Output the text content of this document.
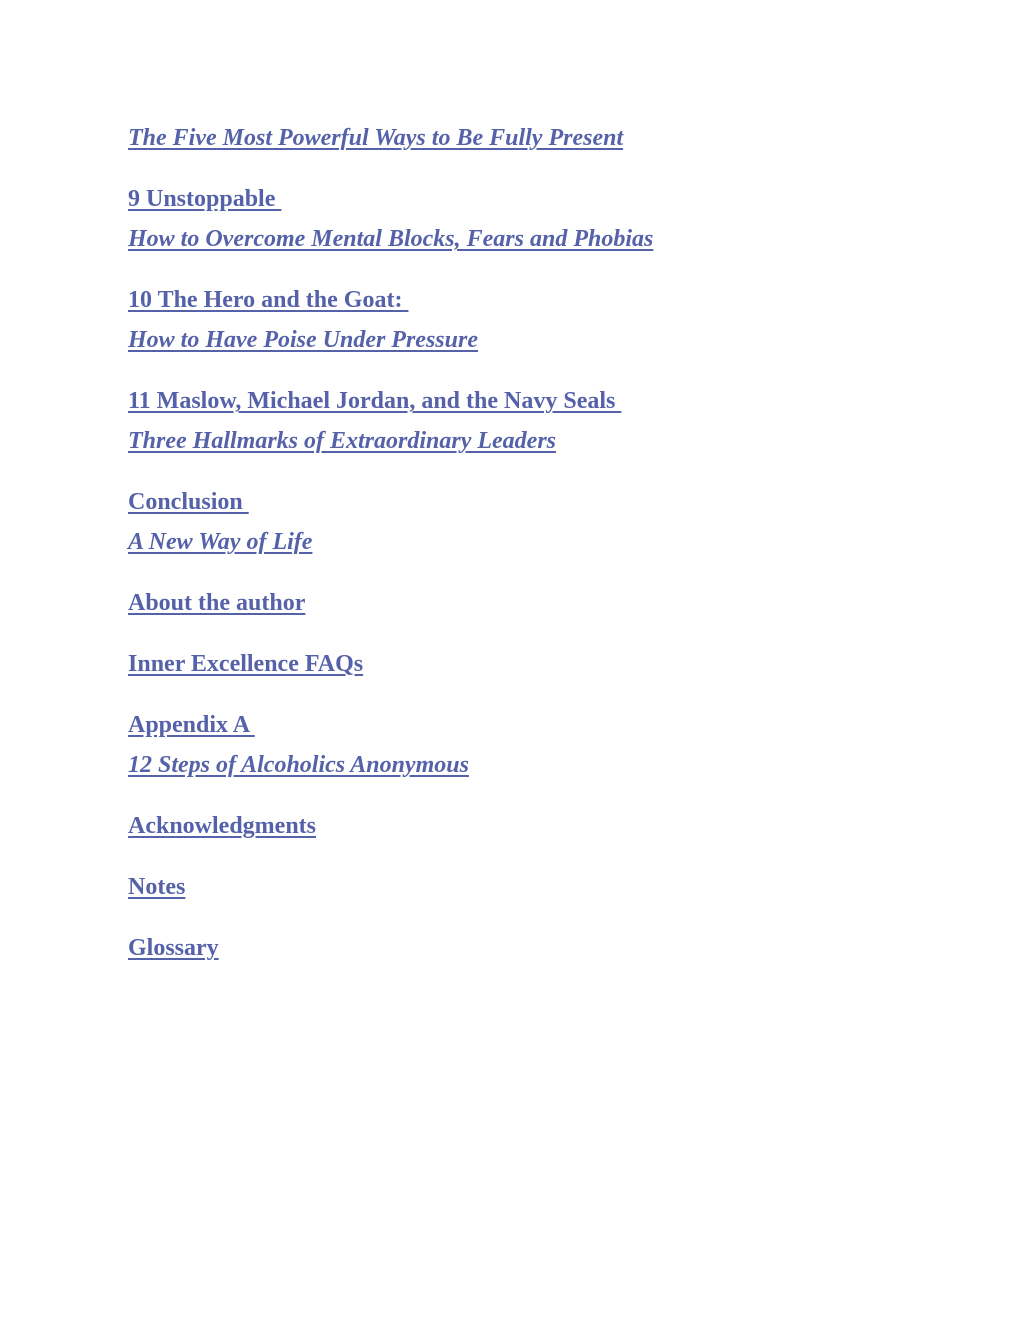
The Five Most Powerful Ways to Be Fully Present
9 Unstoppable
How to Overcome Mental Blocks, Fears and Phobias
10 The Hero and the Goat:
How to Have Poise Under Pressure
11 Maslow, Michael Jordan, and the Navy Seals
Three Hallmarks of Extraordinary Leaders
Conclusion
A New Way of Life
About the author
Inner Excellence FAQs
Appendix A
12 Steps of Alcoholics Anonymous
Acknowledgments
Notes
Glossary
